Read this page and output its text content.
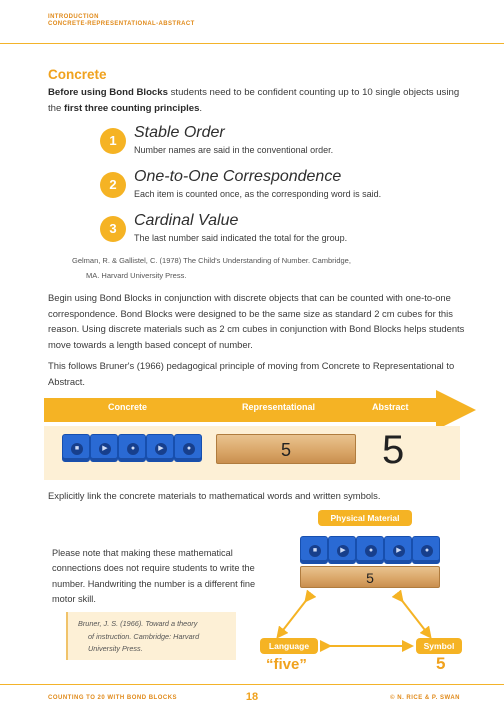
INTRODUCTION
CONCRETE-REPRESENTATIONAL-ABSTRACT
Concrete
Before using Bond Blocks students need to be confident counting up to 10 single objects using the first three counting principles.
1	Stable Order
Number names are said in the conventional order.
2	One-to-One Correspondence
Each item is counted once, as the corresponding word is said.
3	Cardinal Value
The last number said indicated the total for the group.
Gelman, R. & Gallistel, C. (1978) The Child's Understanding of Number. Cambridge,
MA. Harvard University Press.
Begin using Bond Blocks in conjunction with discrete objects that can be counted with one-to-one correspondence. Bond Blocks were designed to be the same size as standard 2 cm cubes for this reason. Using discrete materials such as 2 cm cubes in conjunction with Bond Blocks helps students move towards a length based concept of number.
This follows Bruner's (1966) pedagogical principle of moving from Concrete to Representational to Abstract.
Concrete	Representational	Abstract
■	▶	●	▶	●	5	5
Explicitly link the concrete materials to mathematical words and written symbols.
Physical Material
■	▶	●	▶	●
5
Language	Symbol
“five”	5
Please note that making these mathematical connections does not require students to write the number. Handwriting the number is a different fine motor skill.
Bruner, J. S. (1966). Toward a theory
of instruction. Cambridge: Harvard
University Press.
COUNTING TO 20 WITH BOND BLOCKS	18	© N. RICE & P. SWAN
